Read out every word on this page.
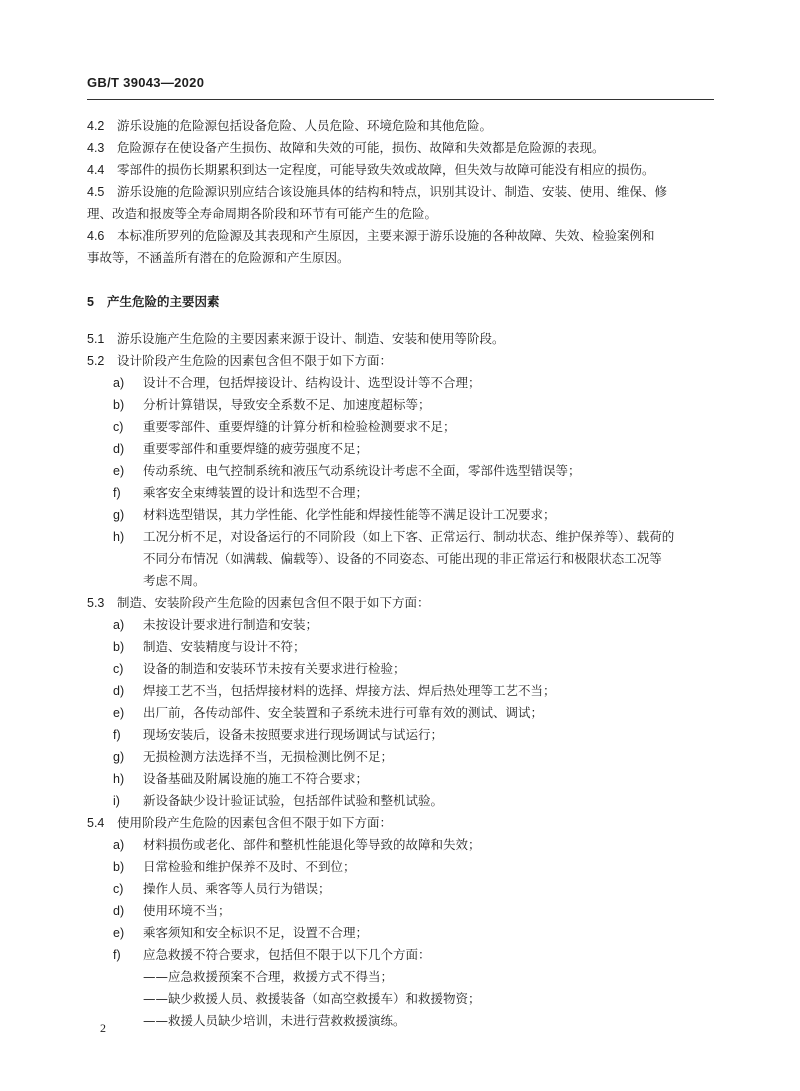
GB/T 39043—2020
4.2 游乐设施的危险源包括设备危险、人员危险、环境危险和其他危险。
4.3 危险源存在使设备产生损伤、故障和失效的可能，损伤、故障和失效都是危险源的表现。
4.4 零部件的损伤长期累积到达一定程度，可能导致失效或故障，但失效与故障可能没有相应的损伤。
4.5 游乐设施的危险源识别应结合该设施具体的结构和特点，识别其设计、制造、安装、使用、维保、修
理、改造和报废等全寿命周期各阶段和环节有可能产生的危险。
4.6 本标准所罗列的危险源及其表现和产生原因，主要来源于游乐设施的各种故障、失效、检验案例和
事故等，不涵盖所有潜在的危险源和产生原因。
5 产生危险的主要因素
5.1 游乐设施产生危险的主要因素来源于设计、制造、安装和使用等阶段。
5.2 设计阶段产生危险的因素包含但不限于如下方面：
a) 设计不合理，包括焊接设计、结构设计、选型设计等不合理；
b) 分析计算错误，导致安全系数不足、加速度超标等；
c) 重要零部件、重要焊缝的计算分析和检验检测要求不足；
d) 重要零部件和重要焊缝的疲劳强度不足；
e) 传动系统、电气控制系统和液压气动系统设计考虑不全面，零部件选型错误等；
f) 乘客安全束缚装置的设计和选型不合理；
g) 材料选型错误，其力学性能、化学性能和焊接性能等不满足设计工况要求；
h) 工况分析不足，对设备运行的不同阶段（如上下客、正常运行、制动状态、维护保养等）、载荷的
不同分布情况（如满载、偏载等）、设备的不同姿态、可能出现的非正常运行和极限状态工况等
考虑不周。
5.3 制造、安装阶段产生危险的因素包含但不限于如下方面：
a) 未按设计要求进行制造和安装；
b) 制造、安装精度与设计不符；
c) 设备的制造和安装环节未按有关要求进行检验；
d) 焊接工艺不当，包括焊接材料的选择、焊接方法、焊后热处理等工艺不当；
e) 出厂前，各传动部件、安全装置和子系统未进行可靠有效的测试、调试；
f) 现场安装后，设备未按照要求进行现场调试与试运行；
g) 无损检测方法选择不当，无损检测比例不足；
h) 设备基础及附属设施的施工不符合要求；
i) 新设备缺少设计验证试验，包括部件试验和整机试验。
5.4 使用阶段产生危险的因素包含但不限于如下方面：
a) 材料损伤或老化、部件和整机性能退化等导致的故障和失效；
b) 日常检验和维护保养不及时、不到位；
c) 操作人员、乘客等人员行为错误；
d) 使用环境不当；
e) 乘客须知和安全标识不足，设置不合理；
f) 应急救援不符合要求，包括但不限于以下几个方面：
——应急救援预案不合理，救援方式不得当；
——缺少救援人员、救援装备（如高空救援车）和救援物资；
——救援人员缺少培训，未进行营救救援演练。
2
